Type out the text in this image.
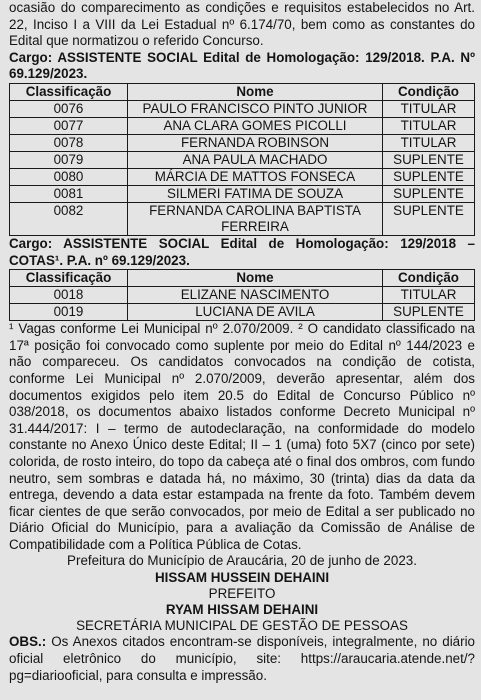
ocasião do comparecimento as condições e requisitos estabelecidos no Art. 22, Inciso I a VIII da Lei Estadual nº 6.174/70, bem como as constantes do Edital que normatizou o referido Concurso.

Cargo: ASSISTENTE SOCIAL Edital de Homologação: 129/2018. P.A. Nº 69.129/2023.

Classificação	Nome	Condição
0076	PAULO FRANCISCO PINTO JUNIOR	TITULAR
0077	ANA CLARA GOMES PICOLLI	TITULAR
0078	FERNANDA ROBINSON	TITULAR
0079	ANA PAULA MACHADO	SUPLENTE
0080	MÁRCIA DE MATTOS FONSECA	SUPLENTE
0081	SILMERI FATIMA DE SOUZA	SUPLENTE
0082	FERNANDA CAROLINA BAPTISTA FERREIRA	SUPLENTE

Cargo: ASSISTENTE SOCIAL Edital de Homologação: 129/2018 – COTAS¹. P.A. nº 69.129/2023.

Classificação	Nome	Condição
0018	ELIZANE NASCIMENTO	TITULAR
0019	LUCIANA DE AVILA	SUPLENTE

¹ Vagas conforme Lei Municipal nº 2.070/2009. ² O candidato classificado na 17ª posição foi convocado como suplente por meio do Edital nº 144/2023 e não compareceu. Os candidatos convocados na condição de cotista, conforme Lei Municipal nº 2.070/2009, deverão apresentar, além dos documentos exigidos pelo item 20.5 do Edital de Concurso Público nº 038/2018, os documentos abaixo listados conforme Decreto Municipal nº 31.444/2017: I – termo de autodeclaração, na conformidade do modelo constante no Anexo Único deste Edital; II – 1 (uma) foto 5X7 (cinco por sete) colorida, de rosto inteiro, do topo da cabeça até o final dos ombros, com fundo neutro, sem sombras e datada há, no máximo, 30 (trinta) dias da data da entrega, devendo a data estar estampada na frente da foto. Também devem ficar cientes de que serão convocados, por meio de Edital a ser publicado no Diário Oficial do Município, para a avaliação da Comissão de Análise de Compatibilidade com a Política Pública de Cotas.

Prefeitura do Município de Araucária, 20 de junho de 2023.
HISSAM HUSSEIN DEHAINI
PREFEITO
RYAM HISSAM DEHAINI
SECRETÁRIA MUNICIPAL DE GESTÃO DE PESSOAS

OBS.: Os Anexos citados encontram-se disponíveis, integralmente, no diário oficial eletrônico do município, site: https://araucaria.atende.net/?pg=diariooficial, para consulta e impressão.
